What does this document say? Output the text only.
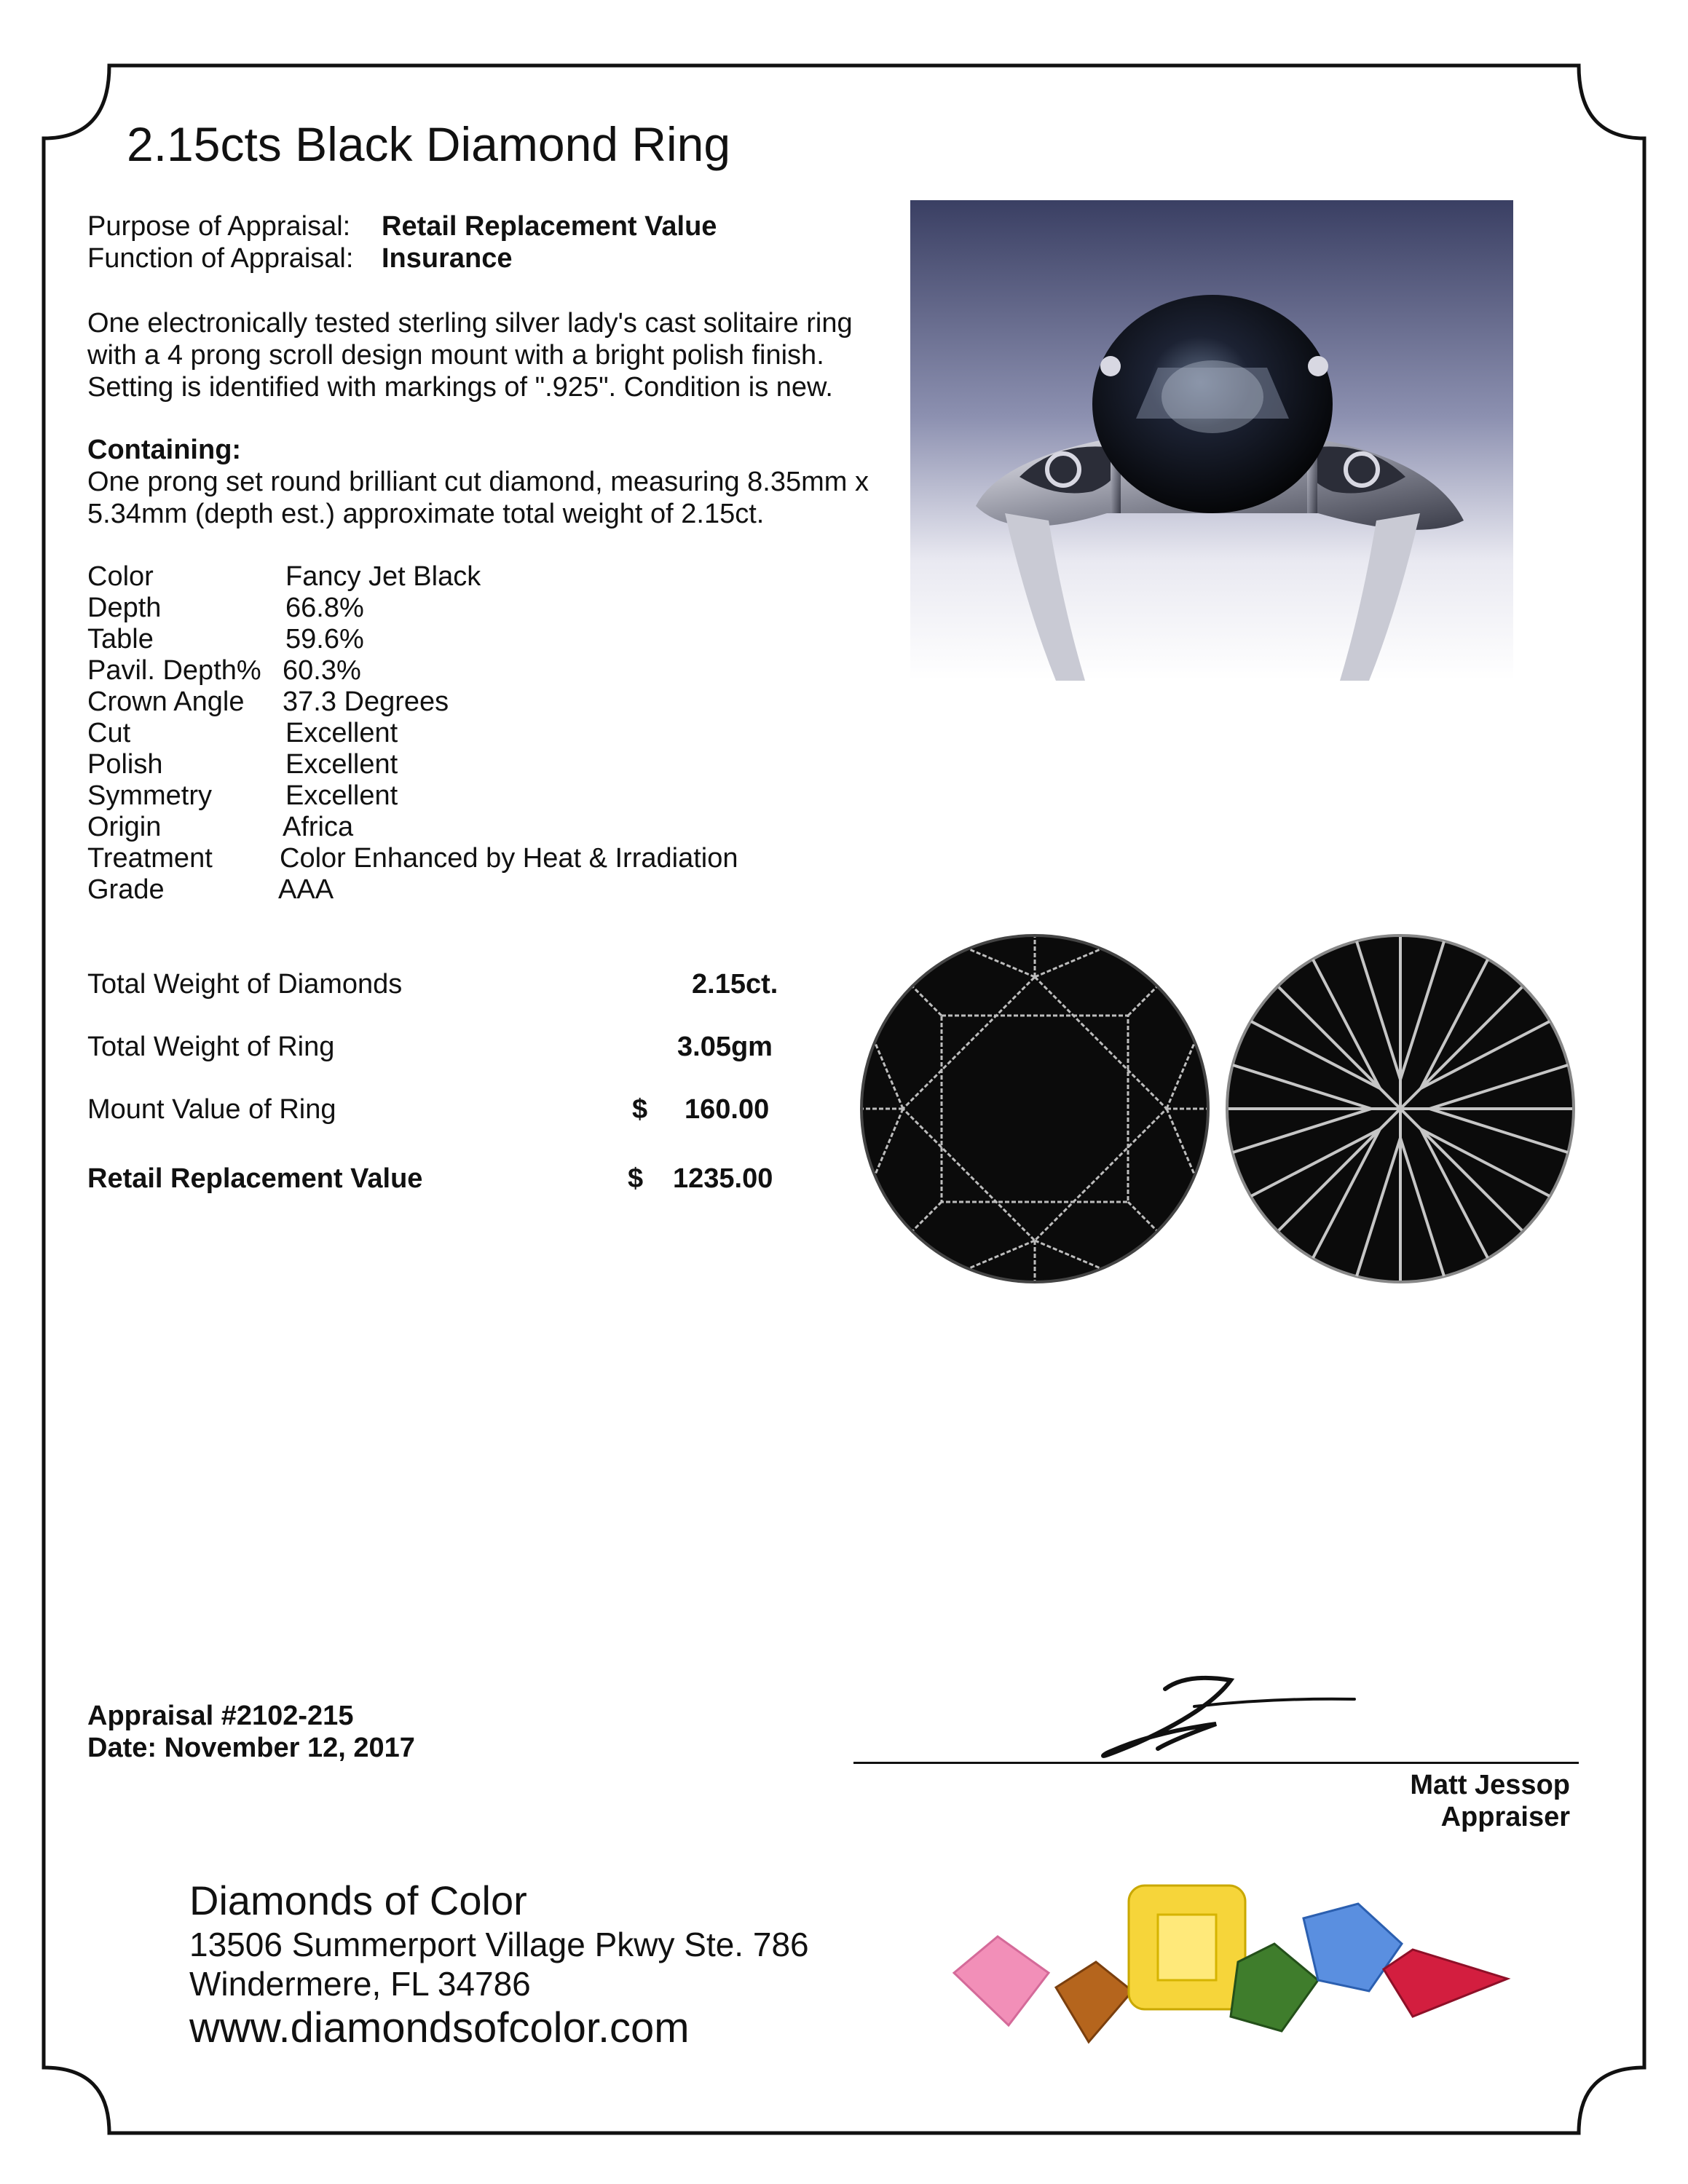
2.15cts Black Diamond Ring
Purpose of Appraisal: Retail Replacement Value
Function of Appraisal: Insurance
One electronically tested sterling silver lady's cast solitaire ring
with a 4 prong scroll design mount with a bright polish finish.
Setting is identified with markings of ".925". Condition is new.
Containing:
One prong set round brilliant cut diamond, measuring 8.35mm x
5.34mm (depth est.) approximate total weight of 2.15ct.
Color	Fancy Jet Black
Depth	66.8%
Table	59.6%
Pavil. Depth% 60.3%
Crown Angle 37.3 Degrees
Cut	Excellent
Polish	Excellent
Symmetry	Excellent
Origin	Africa
Treatment Color Enhanced by Heat & Irradiation
Grade	AAA
Total Weight of Diamonds	2.15ct.
Total Weight of Ring	3.05gm
Mount Value of Ring	$ 160.00
Retail Replacement Value	$ 1235.00
Appraisal #2102-215
Date: November 12, 2017
Matt Jessop
Appraiser
Diamonds of Color
13506 Summerport Village Pkwy Ste. 786
Windermere, FL 34786
www.diamondsofcolor.com
